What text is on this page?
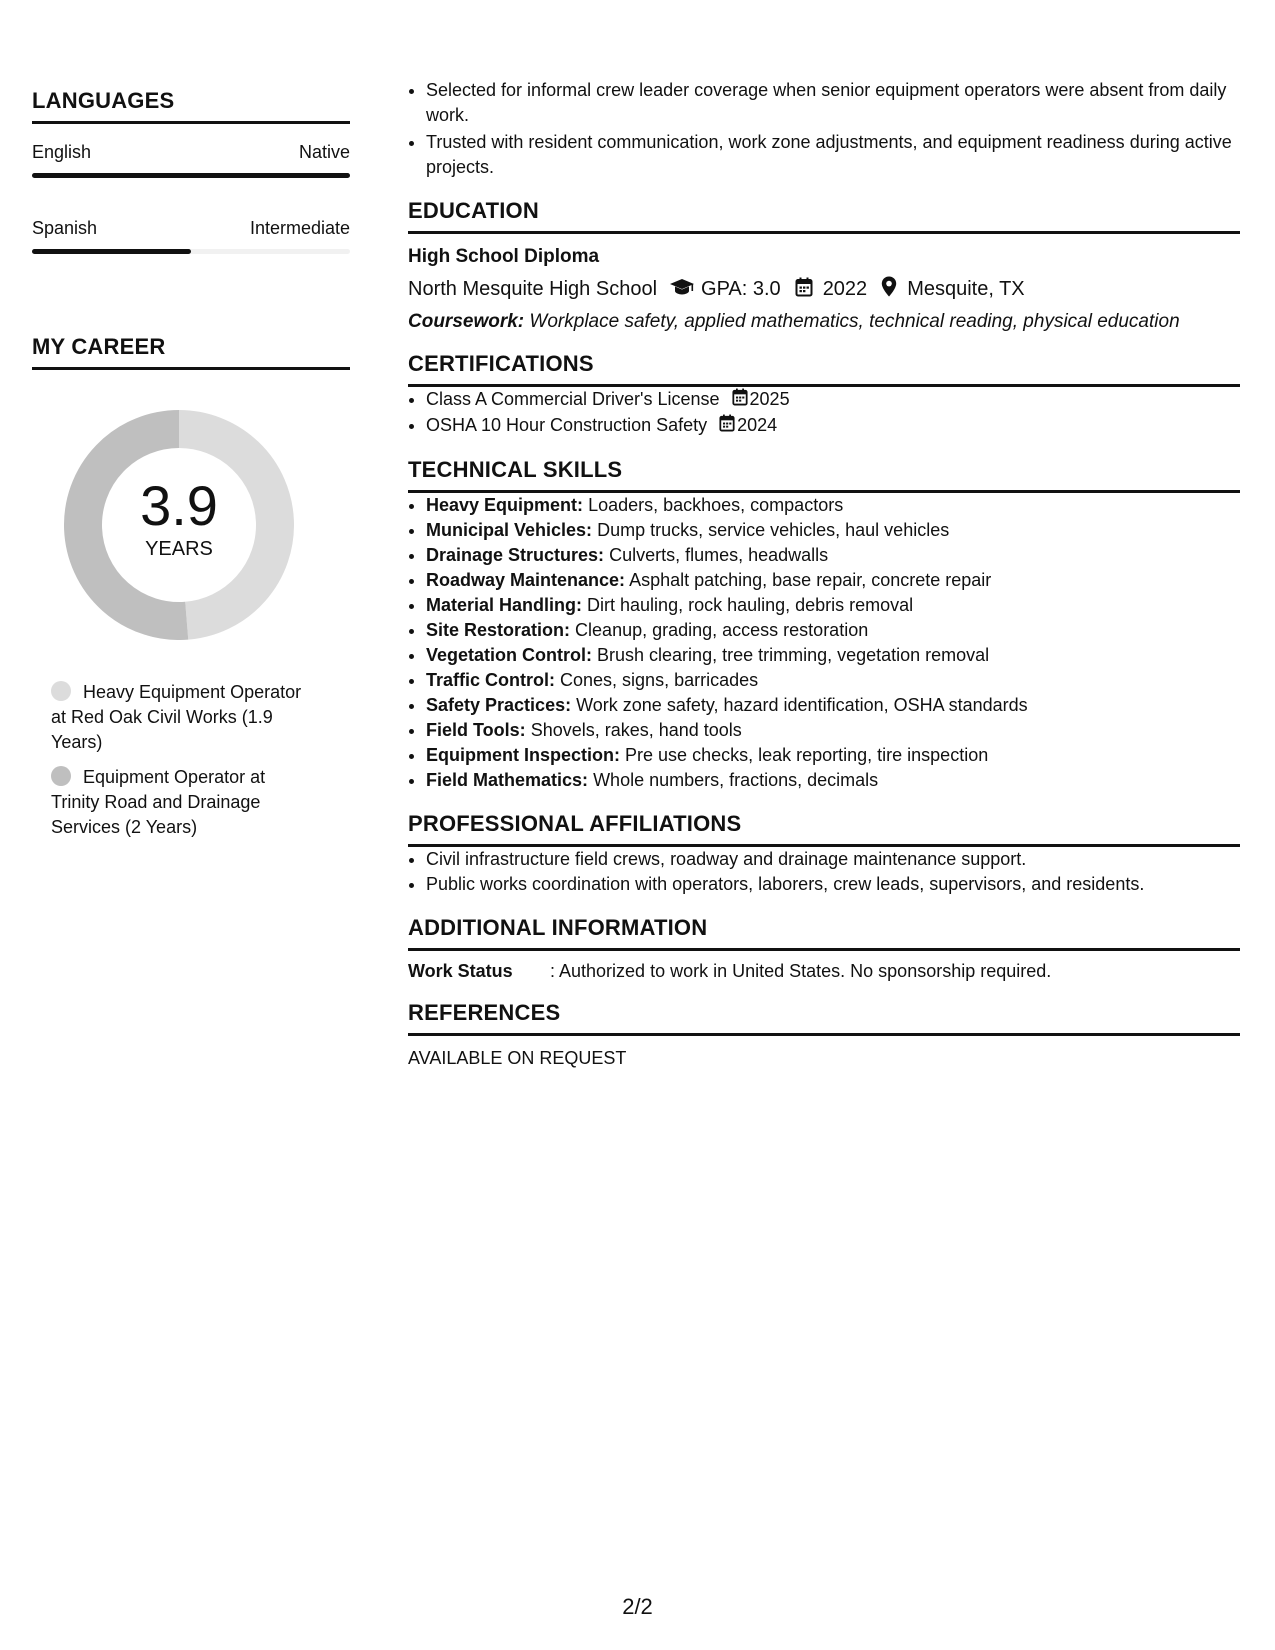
LANGUAGES
English	Native
Spanish	Intermediate
MY CAREER
3.9
YEARS
Heavy Equipment Operator at Red Oak Civil Works (1.9 Years)
Equipment Operator at Trinity Road and Drainage Services (2 Years)
• Selected for informal crew leader coverage when senior equipment operators were absent from daily work.
• Trusted with resident communication, work zone adjustments, and equipment readiness during active projects.
EDUCATION
High School Diploma
North Mesquite High School GPA: 3.0 2022 Mesquite, TX
Coursework: Workplace safety, applied mathematics, technical reading, physical education
CERTIFICATIONS
• Class A Commercial Driver's License 2025
• OSHA 10 Hour Construction Safety 2024
TECHNICAL SKILLS
• Heavy Equipment: Loaders, backhoes, compactors
• Municipal Vehicles: Dump trucks, service vehicles, haul vehicles
• Drainage Structures: Culverts, flumes, headwalls
• Roadway Maintenance: Asphalt patching, base repair, concrete repair
• Material Handling: Dirt hauling, rock hauling, debris removal
• Site Restoration: Cleanup, grading, access restoration
• Vegetation Control: Brush clearing, tree trimming, vegetation removal
• Traffic Control: Cones, signs, barricades
• Safety Practices: Work zone safety, hazard identification, OSHA standards
• Field Tools: Shovels, rakes, hand tools
• Equipment Inspection: Pre use checks, leak reporting, tire inspection
• Field Mathematics: Whole numbers, fractions, decimals
PROFESSIONAL AFFILIATIONS
• Civil infrastructure field crews, roadway and drainage maintenance support.
• Public works coordination with operators, laborers, crew leads, supervisors, and residents.
ADDITIONAL INFORMATION
Work Status	: Authorized to work in United States. No sponsorship required.
REFERENCES
AVAILABLE ON REQUEST
2/2
